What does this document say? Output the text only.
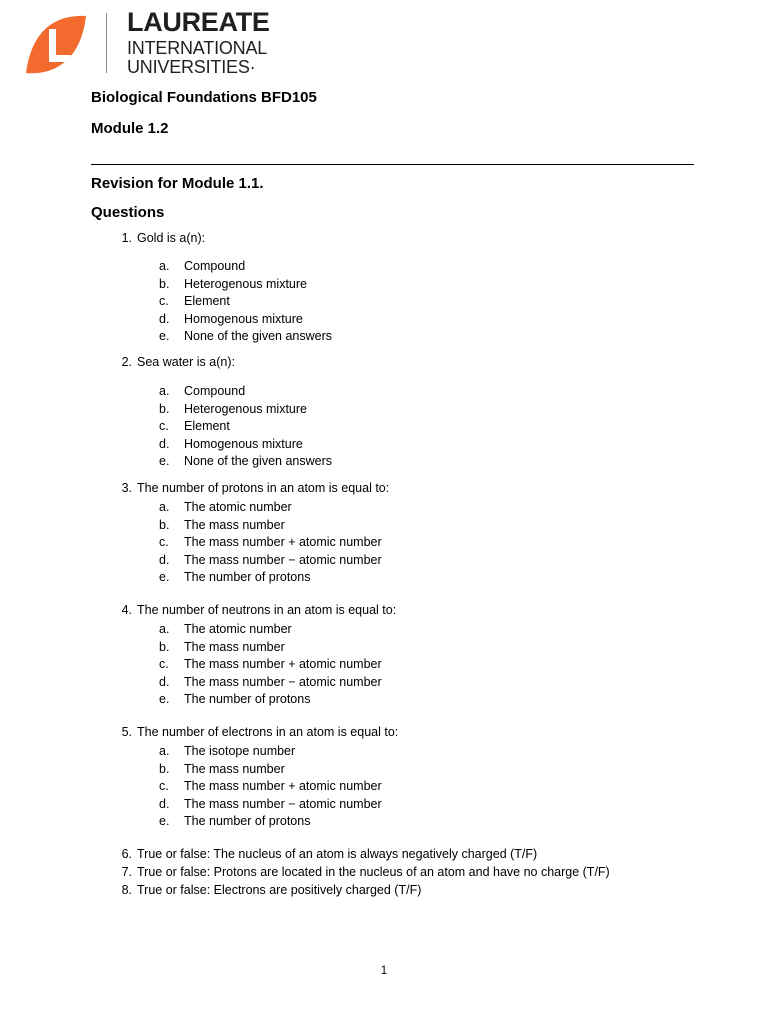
LAUREATE
INTERNATIONAL
UNIVERSITIES·
Biological Foundations BFD105
Module 1.2
Revision for Module 1.1.
Questions
1. Gold is a(n):
a. Compound
b. Heterogenous mixture
c. Element
d. Homogenous mixture
e. None of the given answers
2. Sea water is a(n):
a. Compound
b. Heterogenous mixture
c. Element
d. Homogenous mixture
e. None of the given answers
3. The number of protons in an atom is equal to:
a. The atomic number
b. The mass number
c. The mass number + atomic number
d. The mass number − atomic number
e. The number of protons
4. The number of neutrons in an atom is equal to:
a. The atomic number
b. The mass number
c. The mass number + atomic number
d. The mass number − atomic number
e. The number of protons
5. The number of electrons in an atom is equal to:
a. The isotope number
b. The mass number
c. The mass number + atomic number
d. The mass number − atomic number
e. The number of protons
6. True or false: The nucleus of an atom is always negatively charged (T/F)
7. True or false: Protons are located in the nucleus of an atom and have no charge (T/F)
8. True or false: Electrons are positively charged (T/F)
1
